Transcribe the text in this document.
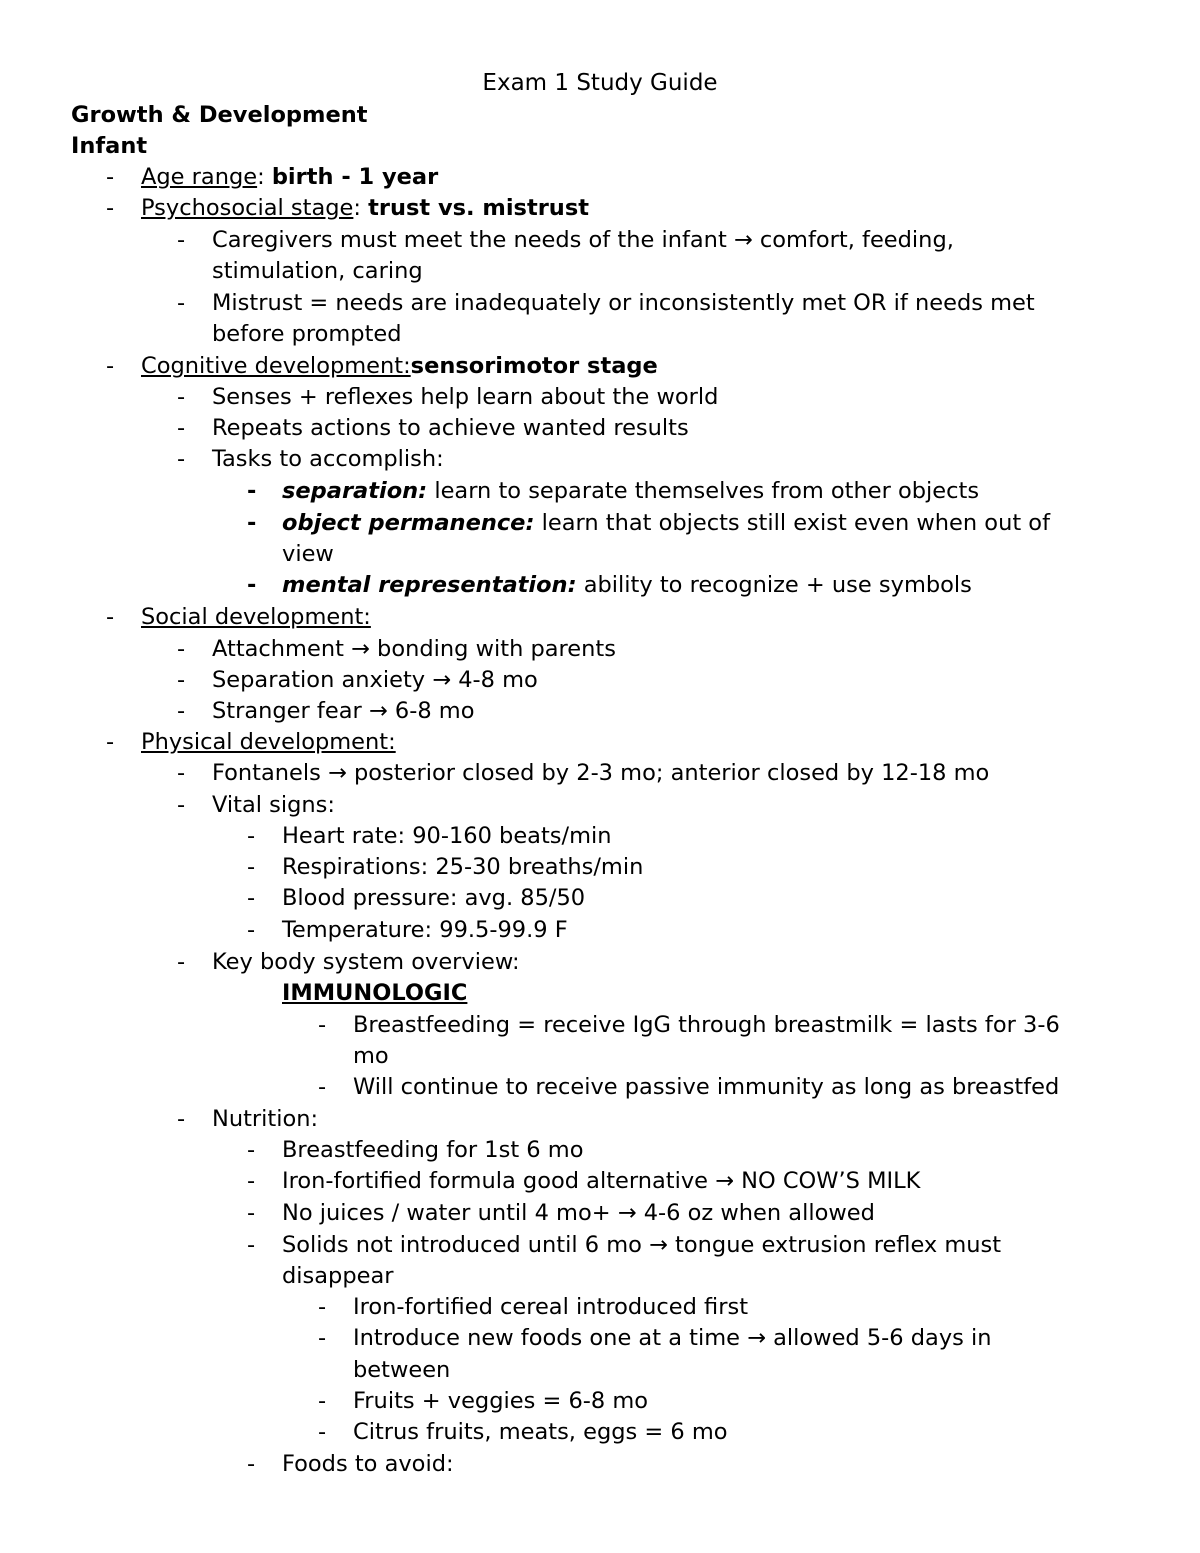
Exam 1 Study Guide
Growth & Development
Infant
- Age range: birth - 1 year
- Psychosocial stage: trust vs. mistrust
- Caregivers must meet the needs of the infant → comfort, feeding,
stimulation, caring
- Mistrust = needs are inadequately or inconsistently met OR if needs met
before prompted
- Cognitive development:sensorimotor stage
- Senses + reflexes help learn about the world
- Repeats actions to achieve wanted results
- Tasks to accomplish:
- separation: learn to separate themselves from other objects
- object permanence: learn that objects still exist even when out of
view
- mental representation: ability to recognize + use symbols
- Social development:
- Attachment → bonding with parents
- Separation anxiety → 4-8 mo
- Stranger fear → 6-8 mo
- Physical development:
- Fontanels → posterior closed by 2-3 mo; anterior closed by 12-18 mo
- Vital signs:
- Heart rate: 90-160 beats/min
- Respirations: 25-30 breaths/min
- Blood pressure: avg. 85/50
- Temperature: 99.5-99.9 F
- Key body system overview:
IMMUNOLOGIC
- Breastfeeding = receive IgG through breastmilk = lasts for 3-6
mo
- Will continue to receive passive immunity as long as breastfed
- Nutrition:
- Breastfeeding for 1st 6 mo
- Iron-fortified formula good alternative → NO COW’S MILK
- No juices / water until 4 mo+ → 4-6 oz when allowed
- Solids not introduced until 6 mo → tongue extrusion reflex must
disappear
- Iron-fortified cereal introduced first
- Introduce new foods one at a time → allowed 5-6 days in
between
- Fruits + veggies = 6-8 mo
- Citrus fruits, meats, eggs = 6 mo
- Foods to avoid:
